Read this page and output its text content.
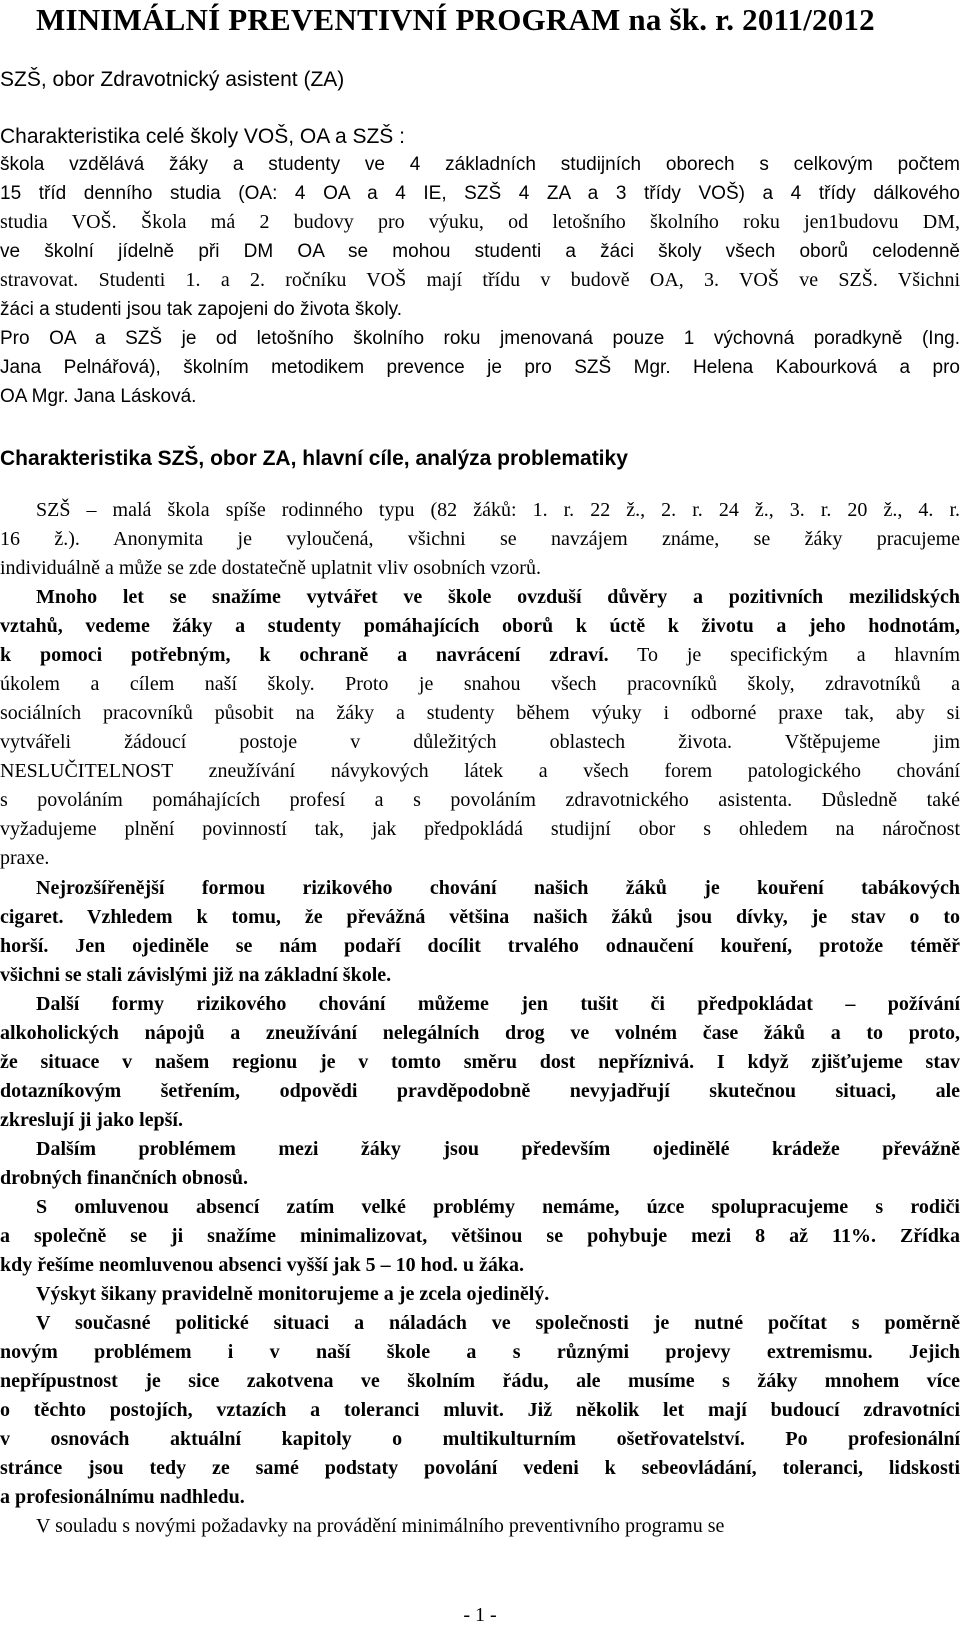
MINIMÁLNÍ PREVENTIVNÍ PROGRAM na šk. r. 2011/2012
SZŠ, obor Zdravotnický asistent (ZA)
Charakteristika celé školy VOŠ, OA a SZŠ :
škola vzdělává žáky a studenty ve 4 základních studijních oborech s celkovým počtem
15 tříd denního studia (OA: 4 OA a 4 IE, SZŠ 4 ZA a 3 třídy VOŠ) a 4 třídy dálkového
studia VOŠ. Škola má 2 budovy pro výuku, od letošního školního roku jen1budovu DM,
ve školní jídelně při DM OA se mohou studenti a žáci školy všech oborů celodenně
stravovat. Studenti 1. a 2. ročníku VOŠ mají třídu v budově OA, 3. VOŠ ve SZŠ. Všichni
žáci a studenti jsou tak zapojeni do života školy.
Pro OA a SZŠ je od letošního školního roku jmenovaná pouze 1 výchovná poradkyně (Ing.
Jana Pelnářová), školním metodikem prevence je pro SZŠ Mgr. Helena Kabourková a pro
OA Mgr. Jana Lásková.
Charakteristika SZŠ, obor ZA, hlavní cíle, analýza problematiky
SZŠ – malá škola spíše rodinného typu (82 žáků: 1. r. 22 ž., 2. r. 24 ž., 3. r. 20 ž., 4. r.
16 ž.). Anonymita je vyloučená, všichni se navzájem známe, se žáky pracujeme
individuálně a může se zde dostatečně uplatnit vliv osobních vzorů.
Mnoho let se snažíme vytvářet ve škole ovzduší důvěry a pozitivních mezilidských
vztahů, vedeme žáky a studenty pomáhajících oborů k úctě k životu a jeho hodnotám,
k pomoci potřebným, k ochraně a navrácení zdraví. To je specifickým a hlavním
úkolem a cílem naší školy. Proto je snahou všech pracovníků školy, zdravotníků a
sociálních pracovníků působit na žáky a studenty během výuky i odborné praxe tak, aby si
vytvářeli žádoucí postoje v důležitých oblastech života. Vštěpujeme jim
NESLUČITELNOST zneužívání návykových látek a všech forem patologického chování
s povoláním pomáhajících profesí a s povoláním zdravotnického asistenta. Důsledně také
vyžadujeme plnění povinností tak, jak předpokládá studijní obor s ohledem na náročnost
praxe.
Nejrozšířenější formou rizikového chování našich žáků je kouření tabákových
cigaret. Vzhledem k tomu, že převážná většina našich žáků jsou dívky, je stav o to
horší. Jen ojediněle se nám podaří docílit trvalého odnaučení kouření, protože téměř
všichni se stali závislými již na základní škole.
Další formy rizikového chování můžeme jen tušit či předpokládat – požívání
alkoholických nápojů a zneužívání nelegálních drog ve volném čase žáků a to proto,
že situace v našem regionu je v tomto směru dost nepříznivá. I když zjišťujeme stav
dotazníkovým šetřením, odpovědi pravděpodobně nevyjadřují skutečnou situaci, ale
zkreslují ji jako lepší.
Dalším problémem mezi žáky jsou především ojedinělé krádeže převážně
drobných finančních obnosů.
S omluvenou absencí zatím velké problémy nemáme, úzce spolupracujeme s rodiči
a společně se ji snažíme minimalizovat, většinou se pohybuje mezi 8 až 11%. Zřídka
kdy řešíme neomluvenou absenci vyšší jak 5 – 10 hod. u žáka.
Výskyt šikany pravidelně monitorujeme a je zcela ojedinělý.
V současné politické situaci a náladách ve společnosti je nutné počítat s poměrně
novým problémem i v naší škole a s různými projevy extremismu. Jejich
nepřípustnost je sice zakotvena ve školním řádu, ale musíme s žáky mnohem více
o těchto postojích, vztazích a toleranci mluvit. Již několik let mají budoucí zdravotníci
v osnovách aktuální kapitoly o multikulturním ošetřovatelství. Po profesionální
stránce jsou tedy ze samé podstaty povolání vedeni k sebeovládání, toleranci, lidskosti
a profesionálnímu nadhledu.
V souladu s novými požadavky na provádění minimálního preventivního programu se
- 1 -
